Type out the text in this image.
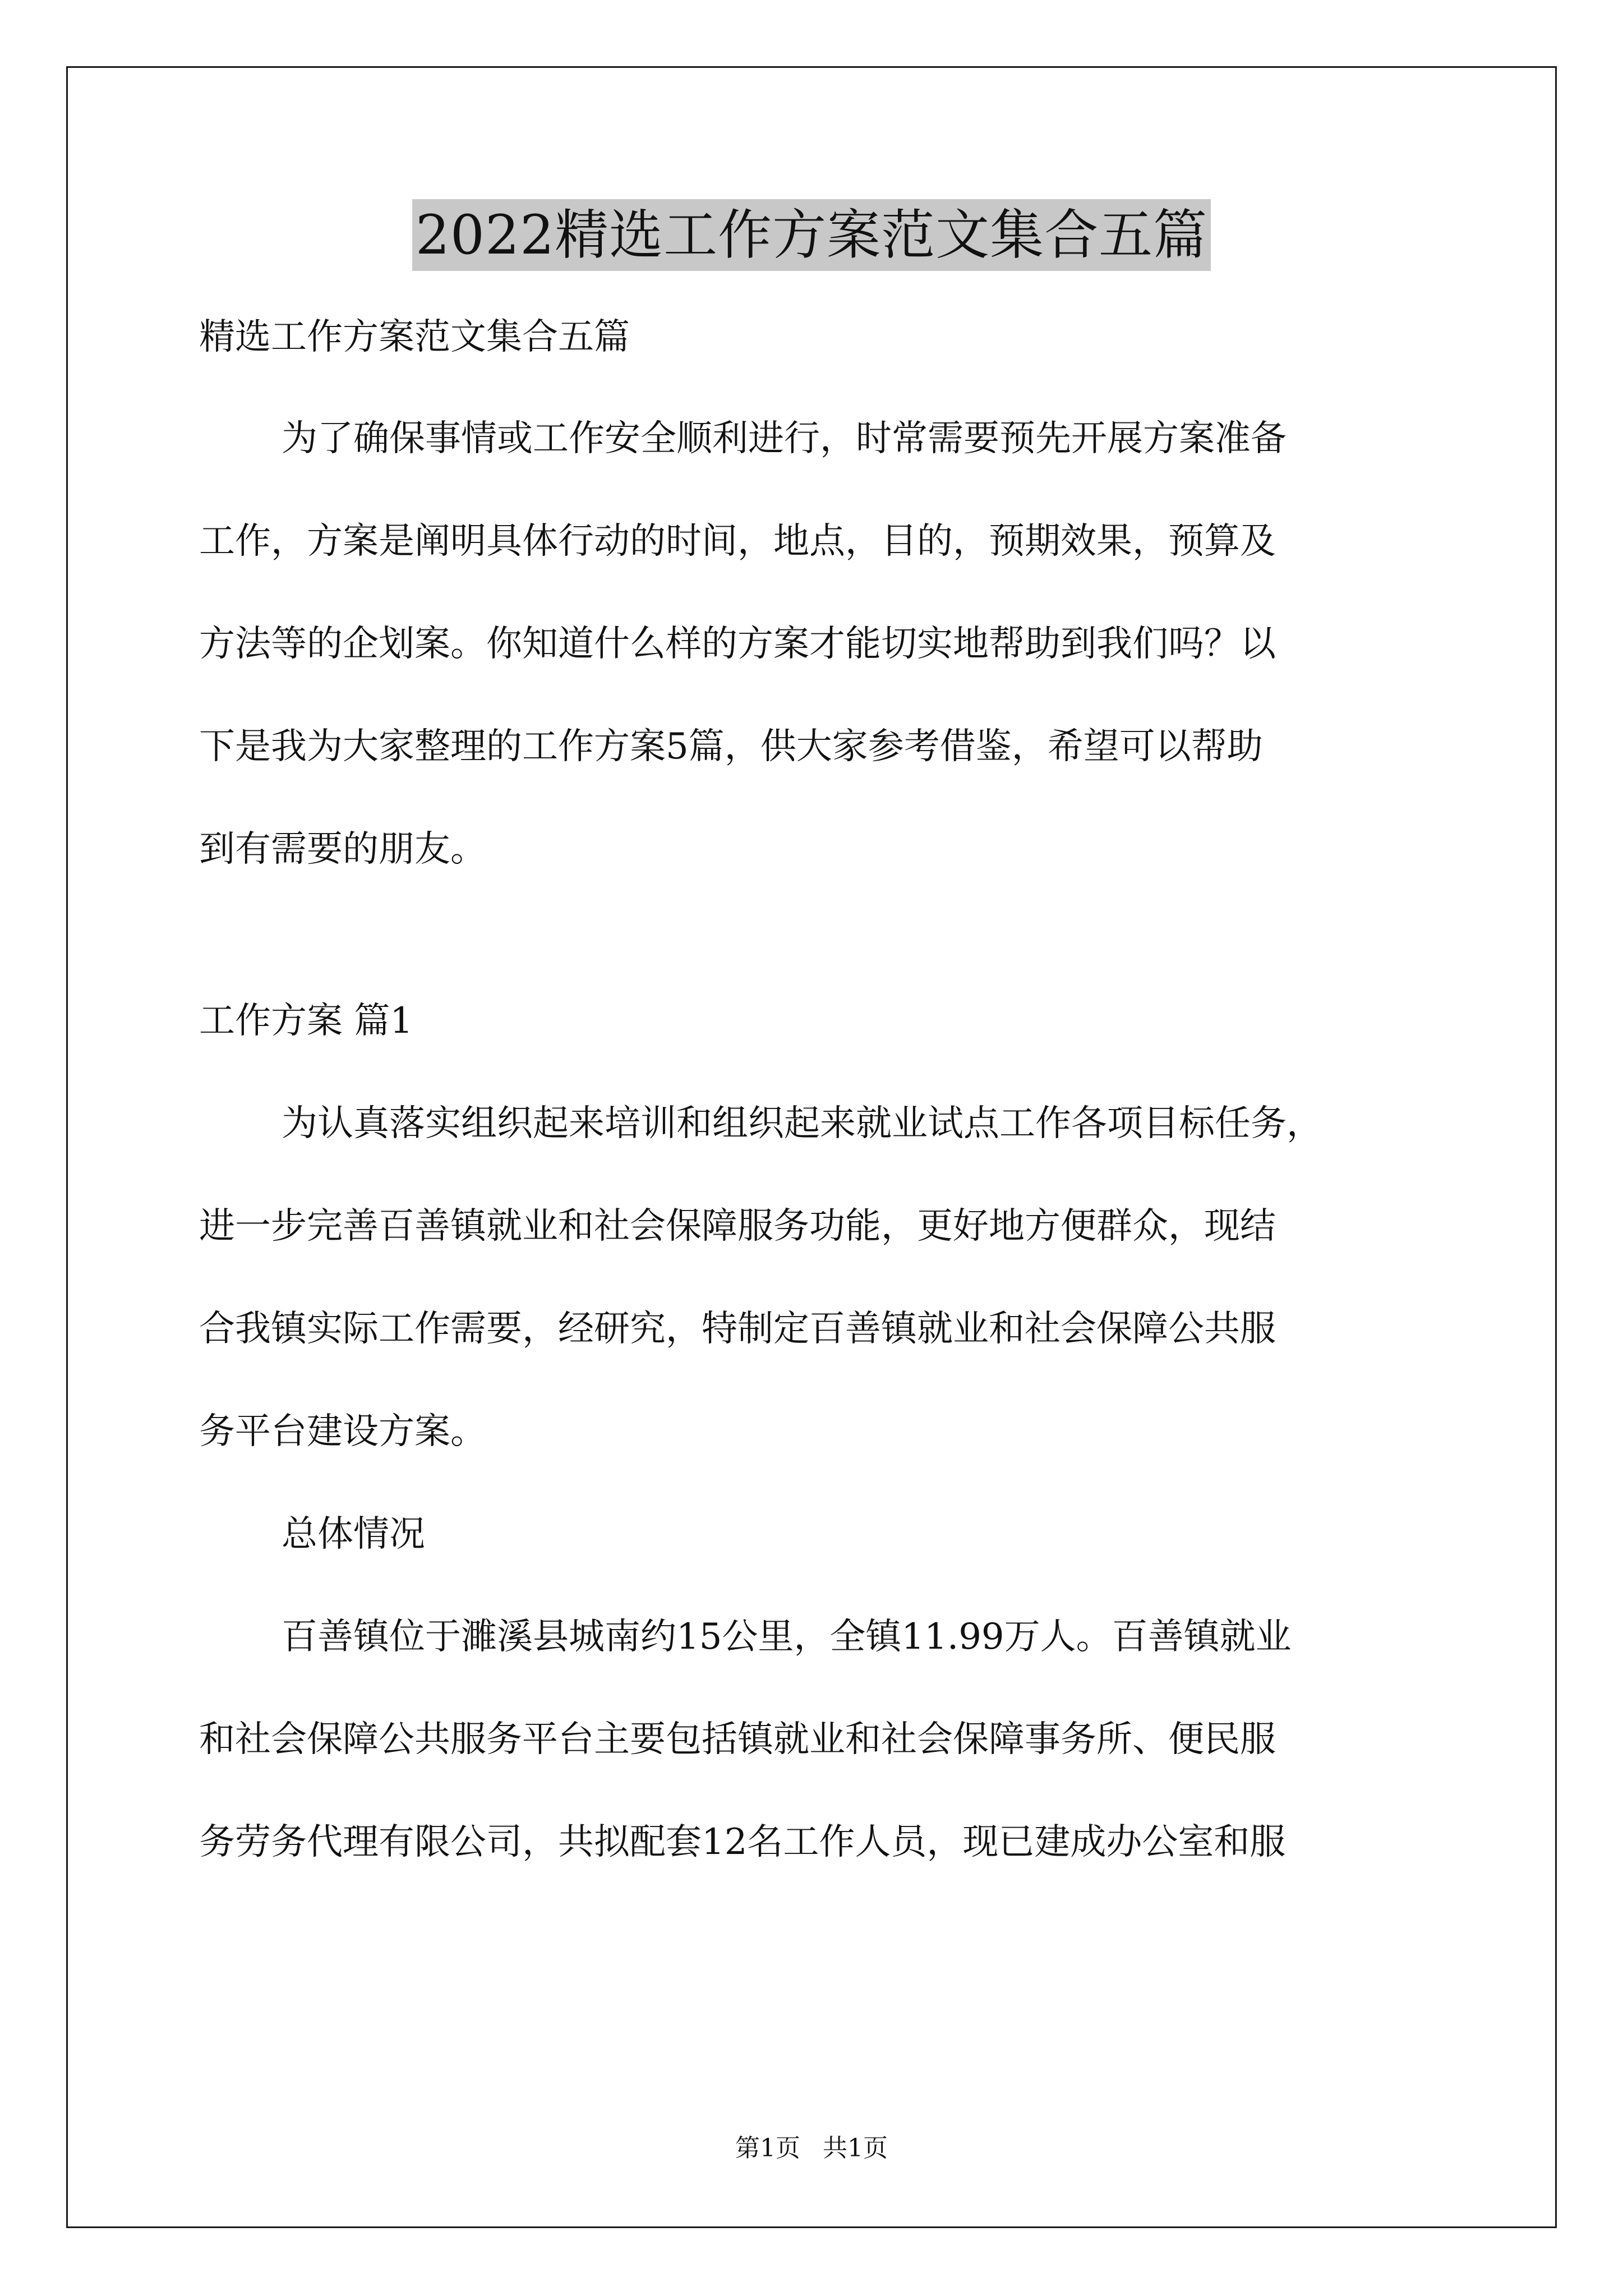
2022精选工作方案范文集合五篇

精选工作方案范文集合五篇

为了确保事情或工作安全顺利进行，时常需要预先开展方案准备

工作，方案是阐明具体行动的时间，地点，目的，预期效果，预算及

方法等的企划案。你知道什么样的方案才能切实地帮助到我们吗？以

下是我为大家整理的工作方案5篇，供大家参考借鉴，希望可以帮助

到有需要的朋友。

工作方案 篇1

为认真落实组织起来培训和组织起来就业试点工作各项目标任务，

进一步完善百善镇就业和社会保障服务功能，更好地方便群众，现结

合我镇实际工作需要，经研究，特制定百善镇就业和社会保障公共服

务平台建设方案。

总体情况

百善镇位于濉溪县城南约15公里，全镇11.99万人。百善镇就业

和社会保障公共服务平台主要包括镇就业和社会保障事务所、便民服

务劳务代理有限公司，共拟配套12名工作人员，现已建成办公室和服

第1页 共1页
